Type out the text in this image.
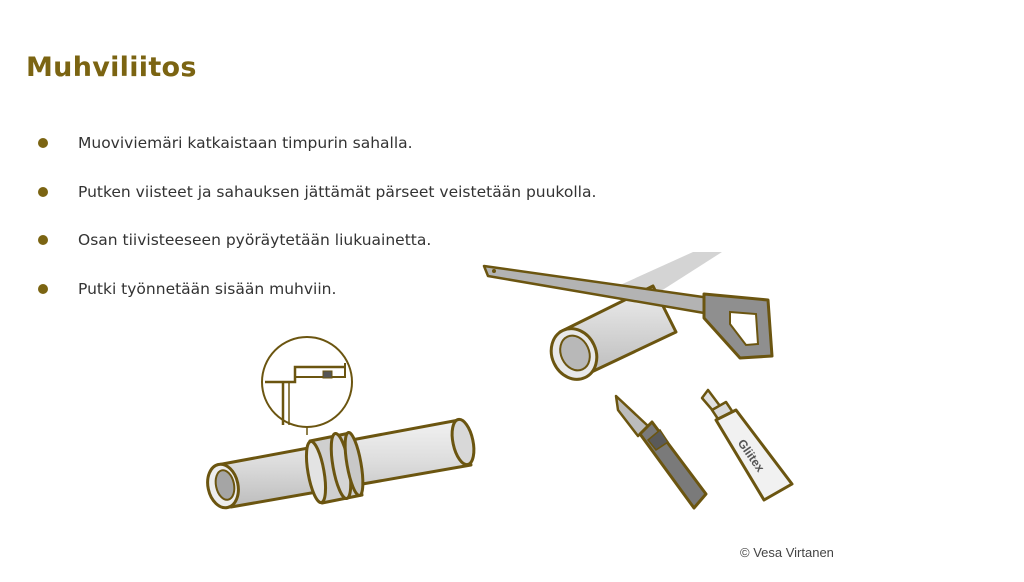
Muhviliitos
Muoviviemäri katkaistaan timpurin sahalla.
Putken viisteet ja sahauksen jättämät pärseet veistetään puukolla.
Osan tiivisteeseen pyöräytetään liukuainetta.
Putki työnnetään sisään muhviin.
Gliitex
© Vesa Virtanen
